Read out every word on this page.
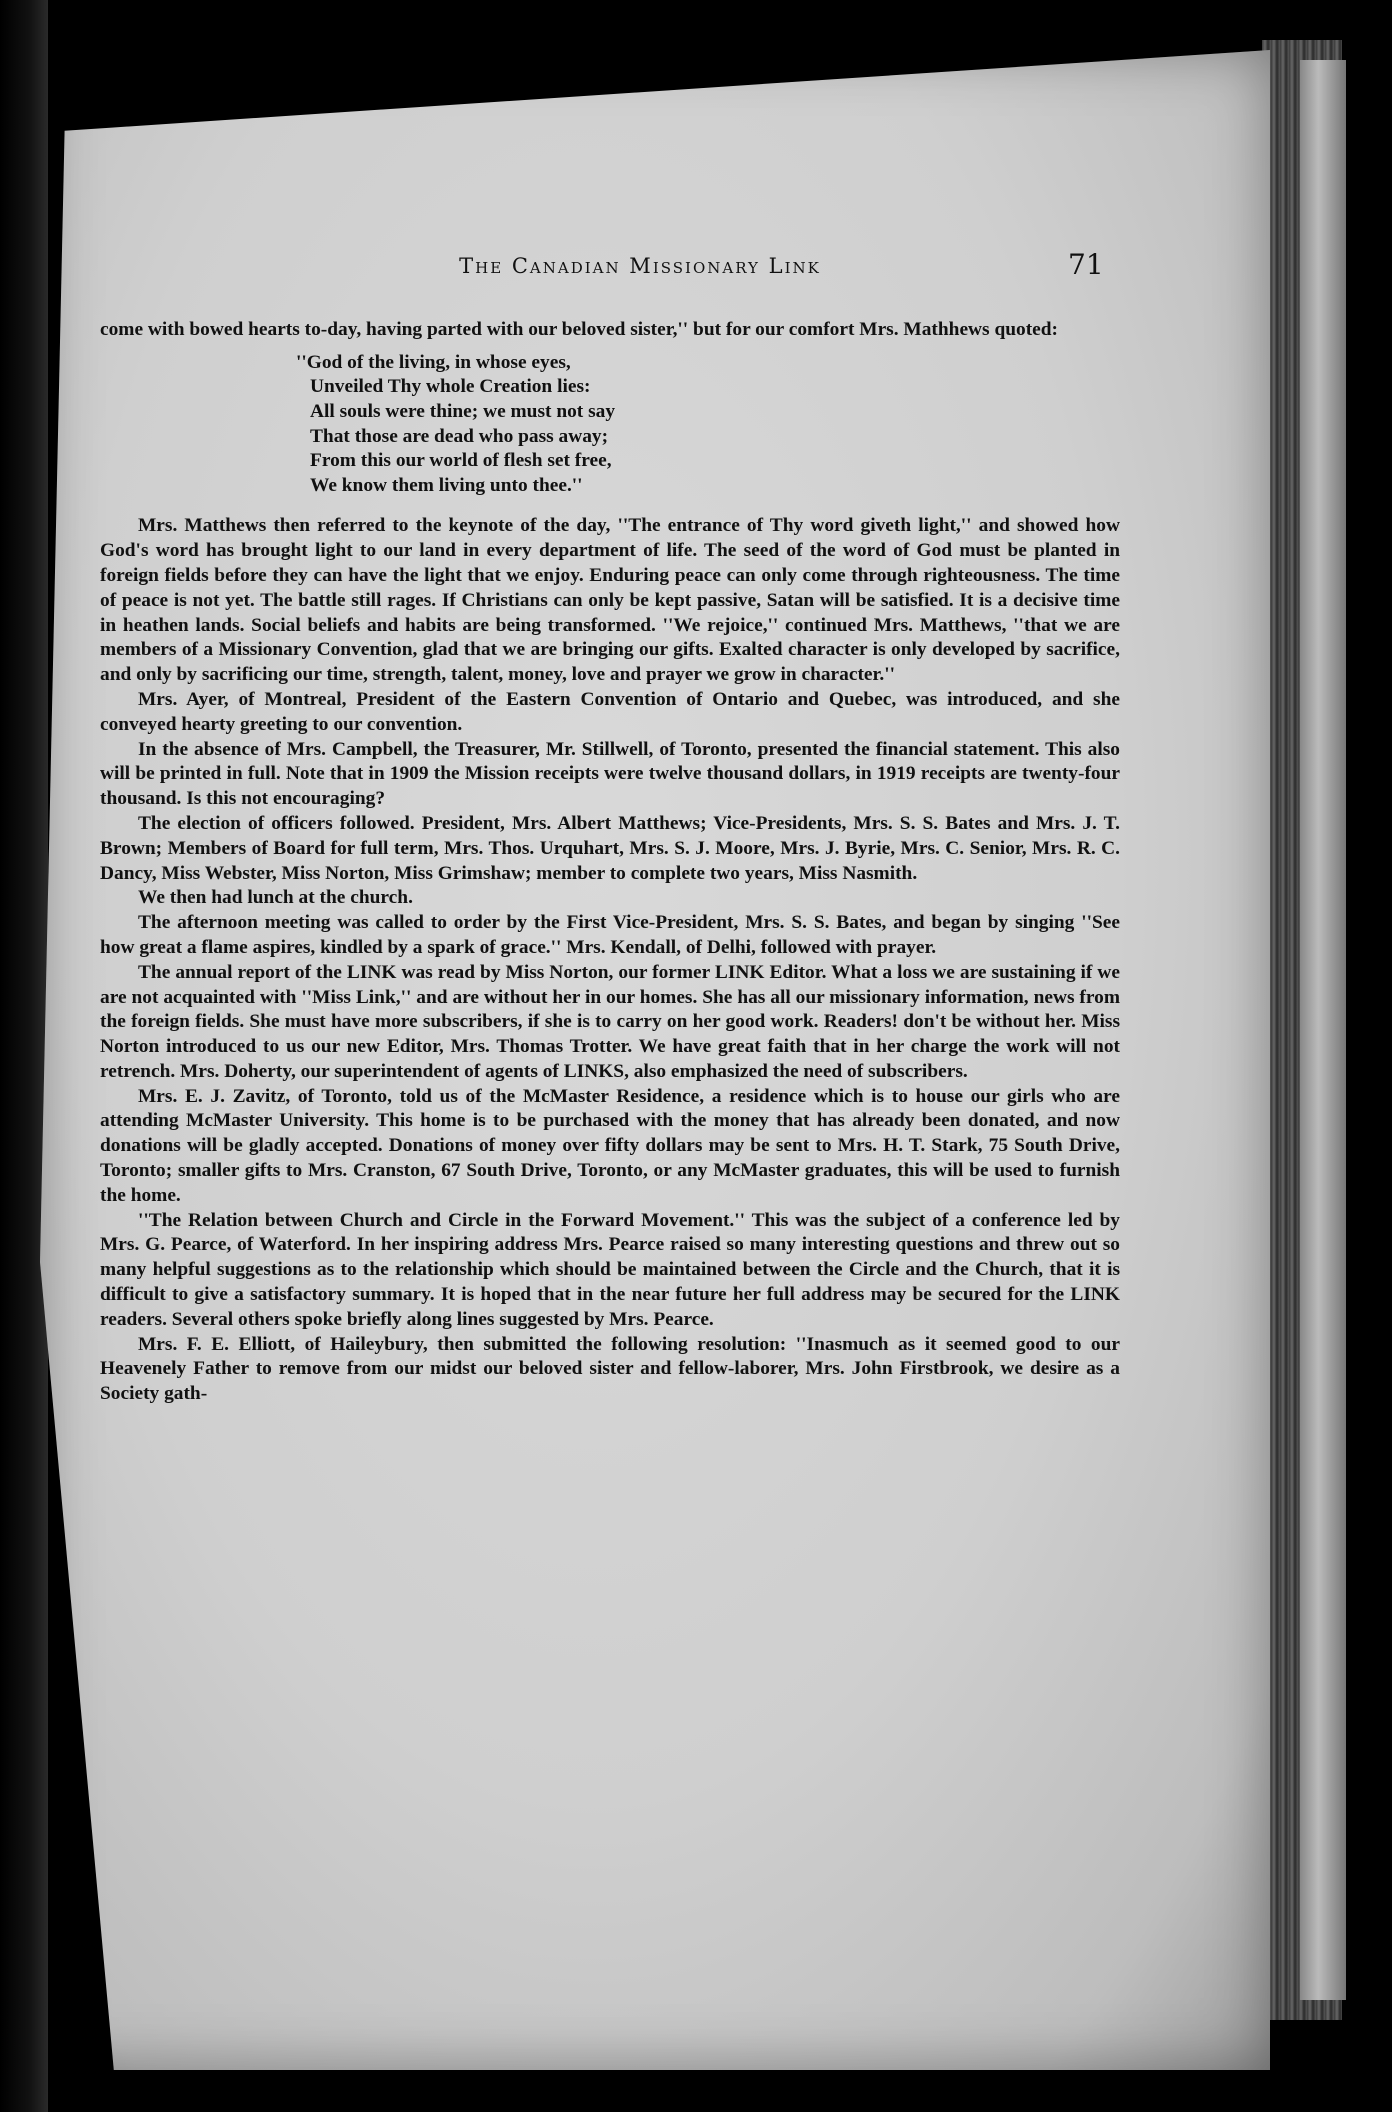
The Canadian Missionary Link	71

come with bowed hearts to-day, having parted with our beloved sister,'' but for our comfort Mrs. Mathhews quoted:

''God of the living, in whose eyes,
Unveiled Thy whole Creation lies:
All souls were thine; we must not say
That those are dead who pass away;
From this our world of flesh set free,
We know them living unto thee.''

Mrs. Matthews then referred to the keynote of the day, ''The entrance of Thy word giveth light,'' and showed how God's word has brought light to our land in every department of life. The seed of the word of God must be planted in foreign fields before they can have the light that we enjoy. Enduring peace can only come through righteousness. The time of peace is not yet. The battle still rages. If Christians can only be kept passive, Satan will be satisfied. It is a decisive time in heathen lands. Social beliefs and habits are being transformed. ''We rejoice,'' continued Mrs. Matthews, ''that we are members of a Missionary Convention, glad that we are bringing our gifts. Exalted character is only developed by sacrifice, and only by sacrificing our time, strength, talent, money, love and prayer we grow in character.''

Mrs. Ayer, of Montreal, President of the Eastern Convention of Ontario and Quebec, was introduced, and she conveyed hearty greeting to our convention.

In the absence of Mrs. Campbell, the Treasurer, Mr. Stillwell, of Toronto, presented the financial statement. This also will be printed in full. Note that in 1909 the Mission receipts were twelve thousand dollars, in 1919 receipts are twenty-four thousand. Is this not encouraging?

The election of officers followed. President, Mrs. Albert Matthews; Vice-Presidents, Mrs. S. S. Bates and Mrs. J. T. Brown; Members of Board for full term, Mrs. Thos. Urquhart, Mrs. S. J. Moore, Mrs. J. Byrie, Mrs. C. Senior, Mrs. R. C. Dancy, Miss Webster, Miss Norton, Miss Grimshaw; member to complete two years, Miss Nasmith.

We then had lunch at the church.

The afternoon meeting was called to order by the First Vice-President, Mrs. S. S. Bates, and began by singing ''See how great a flame aspires, kindled by a spark of grace.'' Mrs. Kendall, of Delhi, followed with prayer.

The annual report of the LINK was read by Miss Norton, our former LINK Editor. What a loss we are sustaining if we are not acquainted with ''Miss Link,'' and are without her in our homes. She has all our missionary information, news from the foreign fields. She must have more subscribers, if she is to carry on her good work. Readers! don't be without her. Miss Norton introduced to us our new Editor, Mrs. Thomas Trotter. We have great faith that in her charge the work will not retrench. Mrs. Doherty, our superintendent of agents of LINKS, also emphasized the need of subscribers.

Mrs. E. J. Zavitz, of Toronto, told us of the McMaster Residence, a residence which is to house our girls who are attending McMaster University. This home is to be purchased with the money that has already been donated, and now donations will be gladly accepted. Donations of money over fifty dollars may be sent to Mrs. H. T. Stark, 75 South Drive, Toronto; smaller gifts to Mrs. Cranston, 67 South Drive, Toronto, or any McMaster graduates, this will be used to furnish the home.

''The Relation between Church and Circle in the Forward Movement.'' This was the subject of a conference led by Mrs. G. Pearce, of Waterford. In her inspiring address Mrs. Pearce raised so many interesting questions and threw out so many helpful suggestions as to the relationship which should be maintained between the Circle and the Church, that it is difficult to give a satisfactory summary. It is hoped that in the near future her full address may be secured for the LINK readers. Several others spoke briefly along lines suggested by Mrs. Pearce.

Mrs. F. E. Elliott, of Haileybury, then submitted the following resolution: ''Inasmuch as it seemed good to our Heavenely Father to remove from our midst our beloved sister and fellow-laborer, Mrs. John Firstbrook, we desire as a Society gath-
